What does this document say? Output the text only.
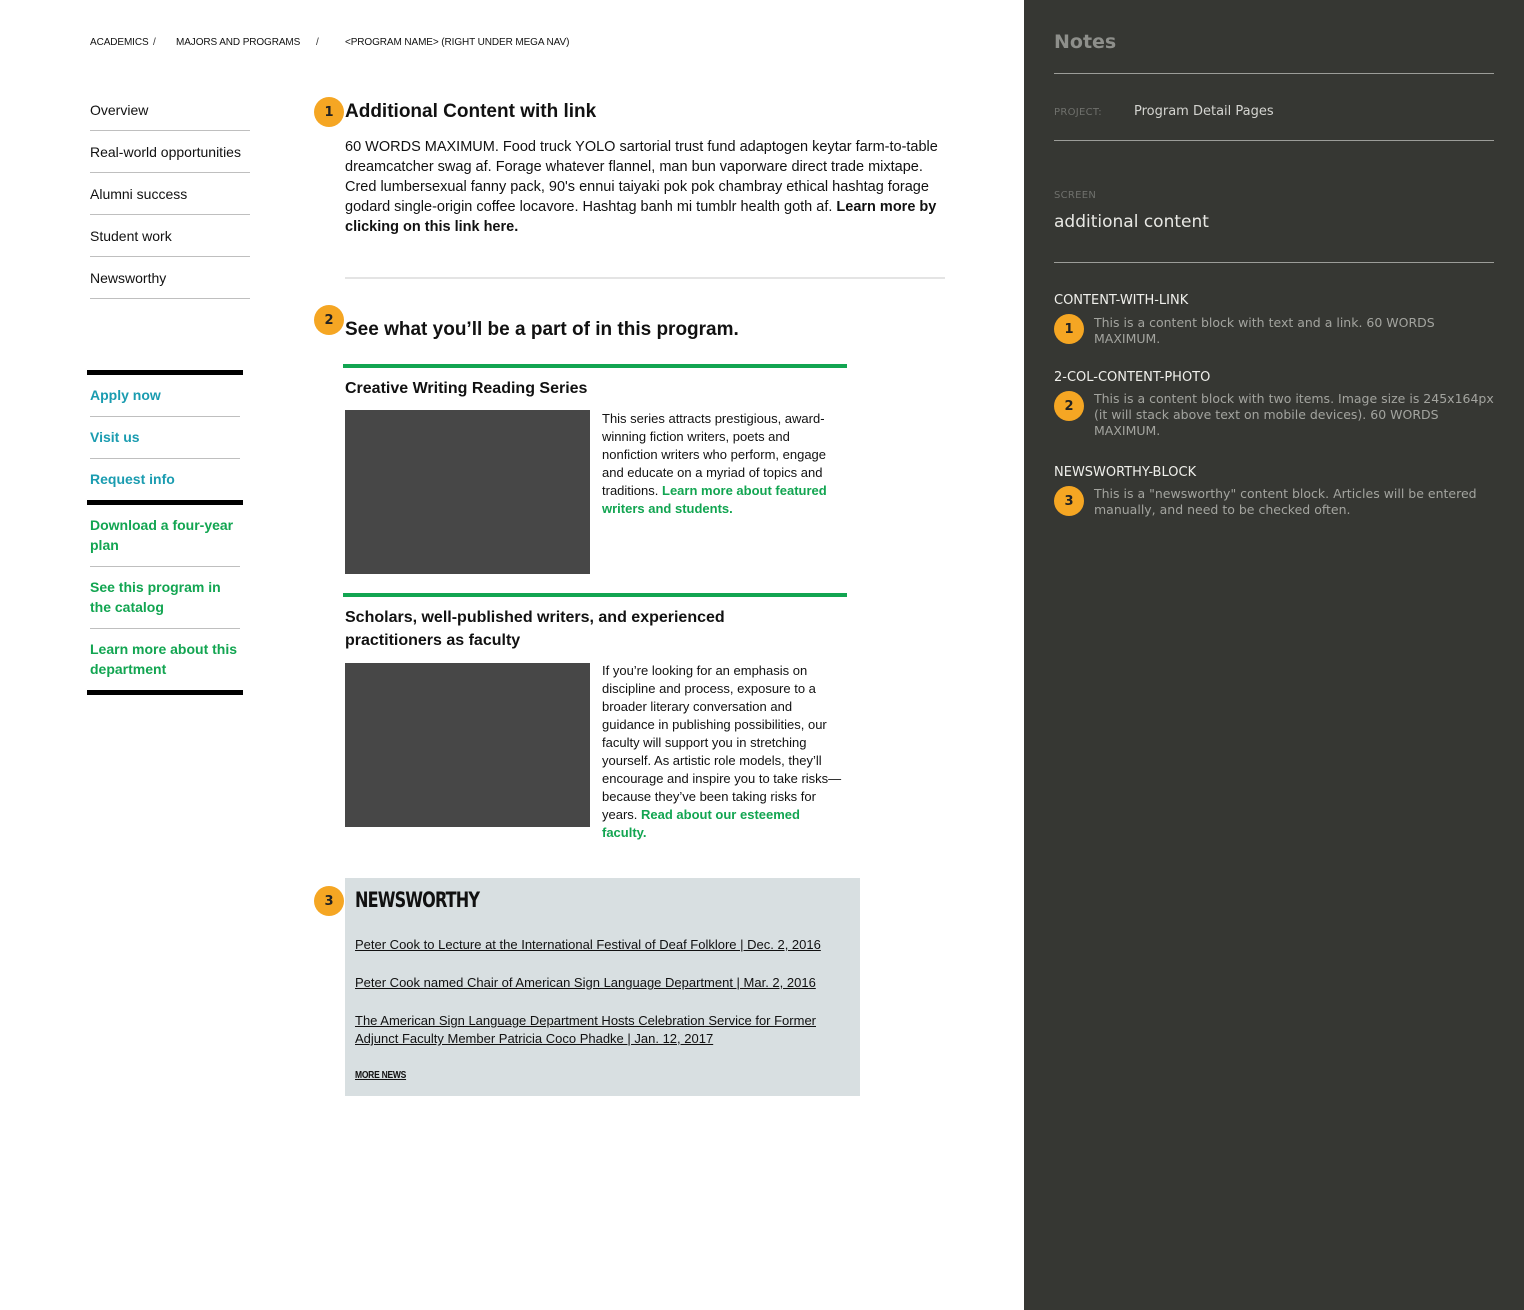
ACADEMICS / MAJORS AND PROGRAMS /	<PROGRAM NAME> (RIGHT UNDER MEGA NAV)
Overview
Real-world opportunities
Alumni success
Student work
Newsworthy
Apply now
Visit us
Request info
Download a four-year plan
See this program in the catalog
Learn more about this department
1 Additional Content with link

60 WORDS MAXIMUM. Food truck YOLO sartorial trust fund adaptogen keytar farm-to-table dreamcatcher swag af. Forage whatever flannel, man bun vaporware direct trade mixtape. Cred lumbersexual fanny pack, 90's ennui taiyaki pok pok chambray ethical hashtag forage godard single-origin coffee locavore. Hashtag banh mi tumblr health goth af. Learn more by clicking on this link here.

2 See what you’ll be a part of in this program.
Creative Writing Reading Series

This series attracts prestigious, award-winning fiction writers, poets and nonfiction writers who perform, engage and educate on a myriad of topics and traditions. Learn more about featured writers and students.

Scholars, well-published writers, and experienced practitioners as faculty

If you’re looking for an emphasis on discipline and process, exposure to a broader literary conversation and guidance in publishing possibilities, our faculty will support you in stretching yourself. As artistic role models, they’ll encourage and inspire you to take risks—because they’ve been taking risks for years. Read about our esteemed faculty.

3	NEWSWORTHY
Peter Cook to Lecture at the International Festival of Deaf Folklore | Dec. 2, 2016
Peter Cook named Chair of American Sign Language Department | Mar. 2, 2016
The American Sign Language Department Hosts Celebration Service for Former Adjunct Faculty Member Patricia Coco Phadke | Jan. 12, 2017
MORE NEWS
Notes
PROJECT: Program Detail Pages
SCREEN
additional content
CONTENT-WITH-LINK
1	This is a content block with text and a link. 60 WORDS MAXIMUM.
2-COL-CONTENT-PHOTO
2	This is a content block with two items. Image size is 245x164px (it will stack above text on mobile devices). 60 WORDS MAXIMUM.
NEWSWORTHY-BLOCK
3	This is a "newsworthy" content block. Articles will be entered manually, and need to be checked often.
